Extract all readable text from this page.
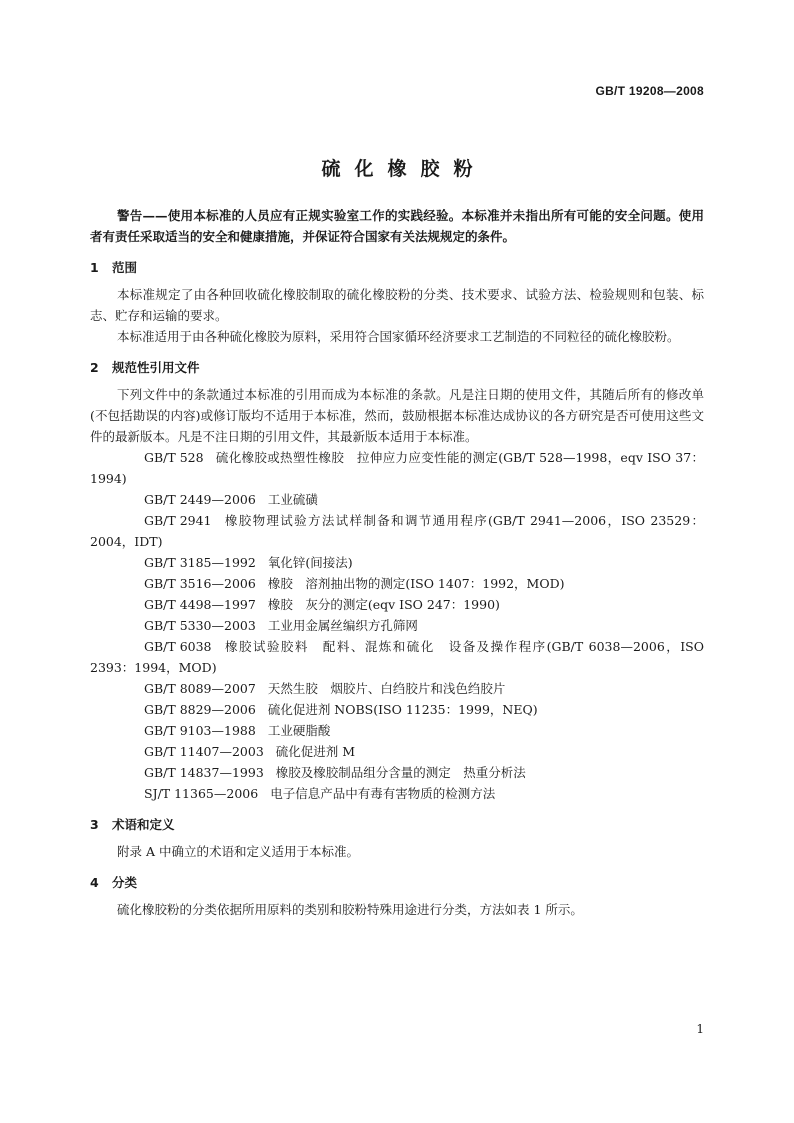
GB/T 19208—2008
硫化橡胶粉
警告——使用本标准的人员应有正规实验室工作的实践经验。本标准并未指出所有可能的安全问题。使用者有责任采取适当的安全和健康措施，并保证符合国家有关法规规定的条件。
1 范围

本标准规定了由各种回收硫化橡胶制取的硫化橡胶粉的分类、技术要求、试验方法、检验规则和包装、标志、贮存和运输的要求。

本标准适用于由各种硫化橡胶为原料，采用符合国家循环经济要求工艺制造的不同粒径的硫化橡胶粉。

2 规范性引用文件

下列文件中的条款通过本标准的引用而成为本标准的条款。凡是注日期的使用文件，其随后所有的修改单(不包括勘误的内容)或修订版均不适用于本标准，然而，鼓励根据本标准达成协议的各方研究是否可使用这些文件的最新版本。凡是不注日期的引用文件，其最新版本适用于本标准。

GB/T 528 硫化橡胶或热塑性橡胶　拉伸应力应变性能的测定(GB/T 528—1998，eqv ISO 37：1994)

GB/T 2449—2006 工业硫磺

GB/T 2941 橡胶物理试验方法试样制备和调节通用程序(GB/T 2941—2006，ISO 23529：2004，IDT)

GB/T 3185—1992 氧化锌(间接法)

GB/T 3516—2006 橡胶　溶剂抽出物的测定(ISO 1407：1992，MOD)

GB/T 4498—1997 橡胶　灰分的测定(eqv ISO 247：1990)

GB/T 5330—2003 工业用金属丝编织方孔筛网

GB/T 6038 橡胶试验胶料　配料、混炼和硫化　设备及操作程序(GB/T 6038—2006，ISO 2393：1994，MOD)

GB/T 8089—2007 天然生胶　烟胶片、白绉胶片和浅色绉胶片

GB/T 8829—2006 硫化促进剂 NOBS(ISO 11235：1999，NEQ)

GB/T 9103—1988 工业硬脂酸

GB/T 11407—2003 硫化促进剂 M

GB/T 14837—1993 橡胶及橡胶制品组分含量的测定　热重分析法

SJ/T 11365—2006 电子信息产品中有毒有害物质的检测方法

3 术语和定义

附录 A 中确立的术语和定义适用于本标准。

4 分类

硫化橡胶粉的分类依据所用原料的类别和胶粉特殊用途进行分类，方法如表 1 所示。

1
